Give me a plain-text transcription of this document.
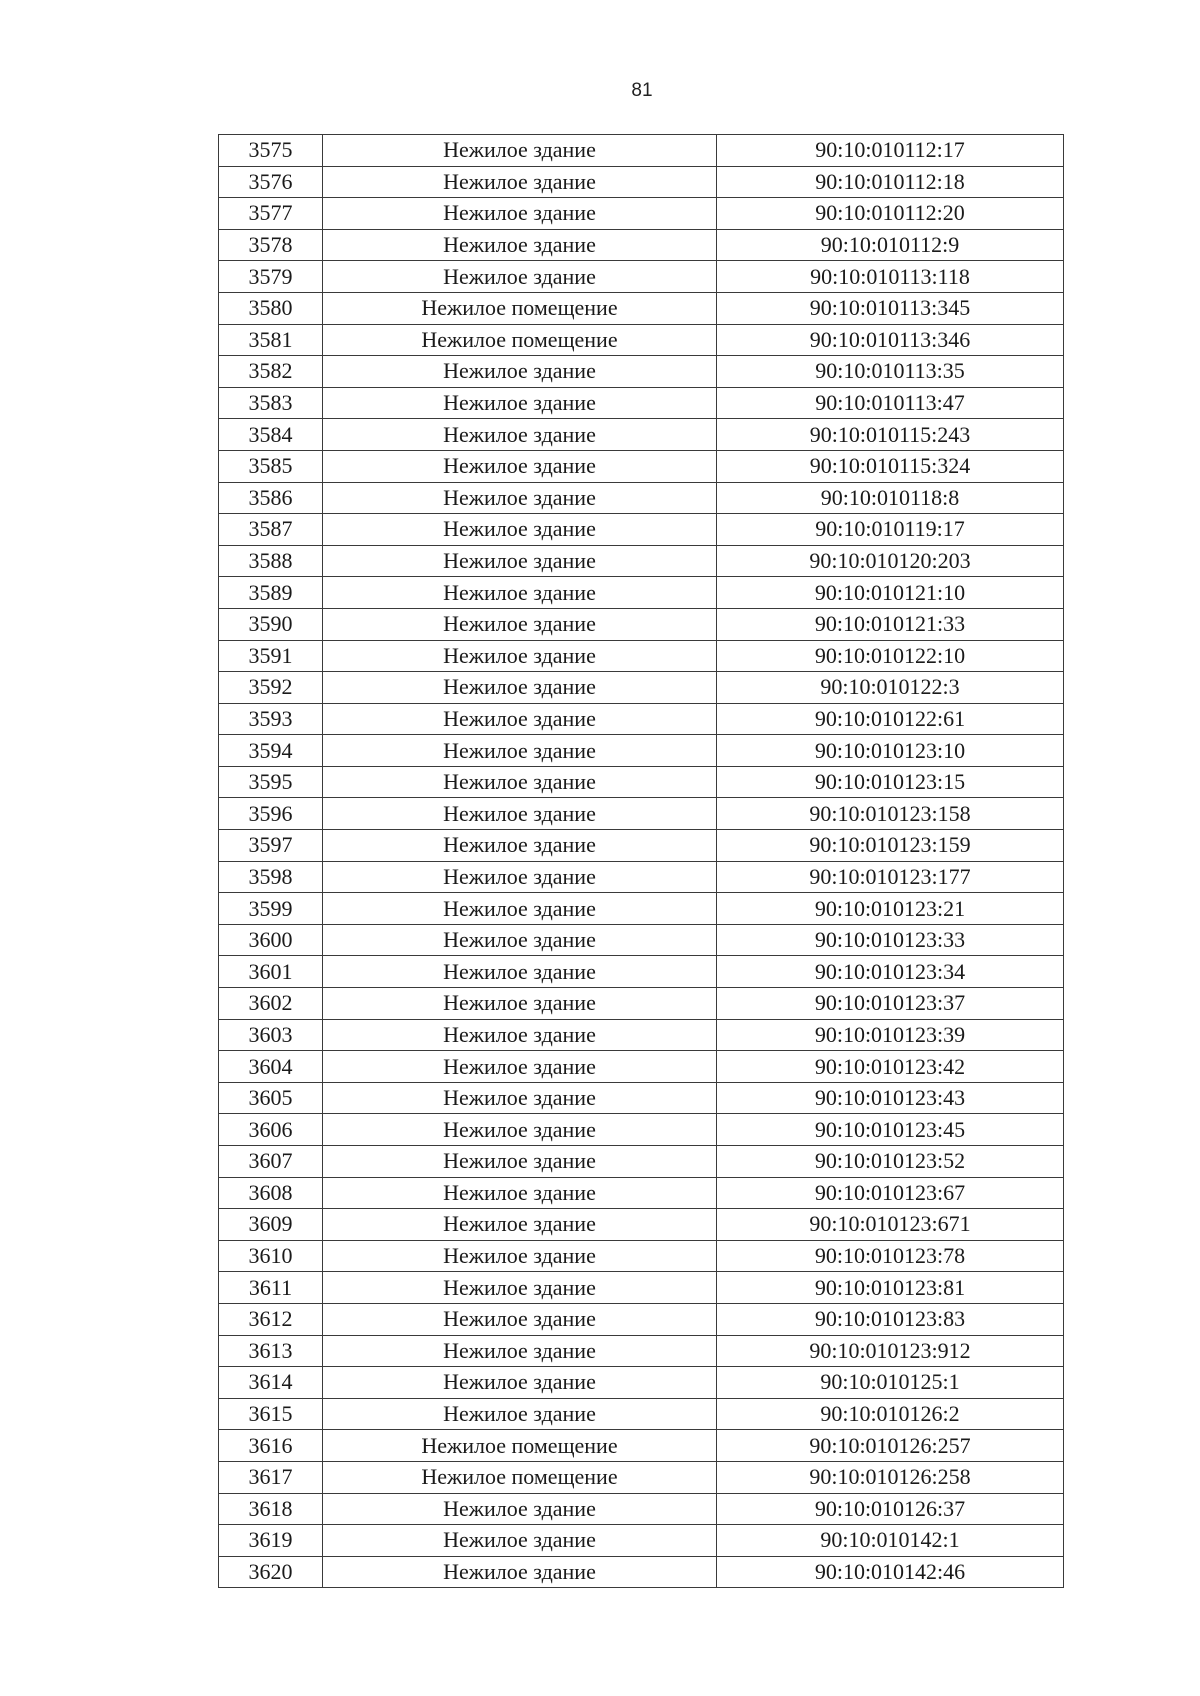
81
3575	Нежилое здание	90:10:010112:17
3576	Нежилое здание	90:10:010112:18
3577	Нежилое здание	90:10:010112:20
3578	Нежилое здание	90:10:010112:9
3579	Нежилое здание	90:10:010113:118
3580	Нежилое помещение	90:10:010113:345
3581	Нежилое помещение	90:10:010113:346
3582	Нежилое здание	90:10:010113:35
3583	Нежилое здание	90:10:010113:47
3584	Нежилое здание	90:10:010115:243
3585	Нежилое здание	90:10:010115:324
3586	Нежилое здание	90:10:010118:8
3587	Нежилое здание	90:10:010119:17
3588	Нежилое здание	90:10:010120:203
3589	Нежилое здание	90:10:010121:10
3590	Нежилое здание	90:10:010121:33
3591	Нежилое здание	90:10:010122:10
3592	Нежилое здание	90:10:010122:3
3593	Нежилое здание	90:10:010122:61
3594	Нежилое здание	90:10:010123:10
3595	Нежилое здание	90:10:010123:15
3596	Нежилое здание	90:10:010123:158
3597	Нежилое здание	90:10:010123:159
3598	Нежилое здание	90:10:010123:177
3599	Нежилое здание	90:10:010123:21
3600	Нежилое здание	90:10:010123:33
3601	Нежилое здание	90:10:010123:34
3602	Нежилое здание	90:10:010123:37
3603	Нежилое здание	90:10:010123:39
3604	Нежилое здание	90:10:010123:42
3605	Нежилое здание	90:10:010123:43
3606	Нежилое здание	90:10:010123:45
3607	Нежилое здание	90:10:010123:52
3608	Нежилое здание	90:10:010123:67
3609	Нежилое здание	90:10:010123:671
3610	Нежилое здание	90:10:010123:78
3611	Нежилое здание	90:10:010123:81
3612	Нежилое здание	90:10:010123:83
3613	Нежилое здание	90:10:010123:912
3614	Нежилое здание	90:10:010125:1
3615	Нежилое здание	90:10:010126:2
3616	Нежилое помещение	90:10:010126:257
3617	Нежилое помещение	90:10:010126:258
3618	Нежилое здание	90:10:010126:37
3619	Нежилое здание	90:10:010142:1
3620	Нежилое здание	90:10:010142:46
